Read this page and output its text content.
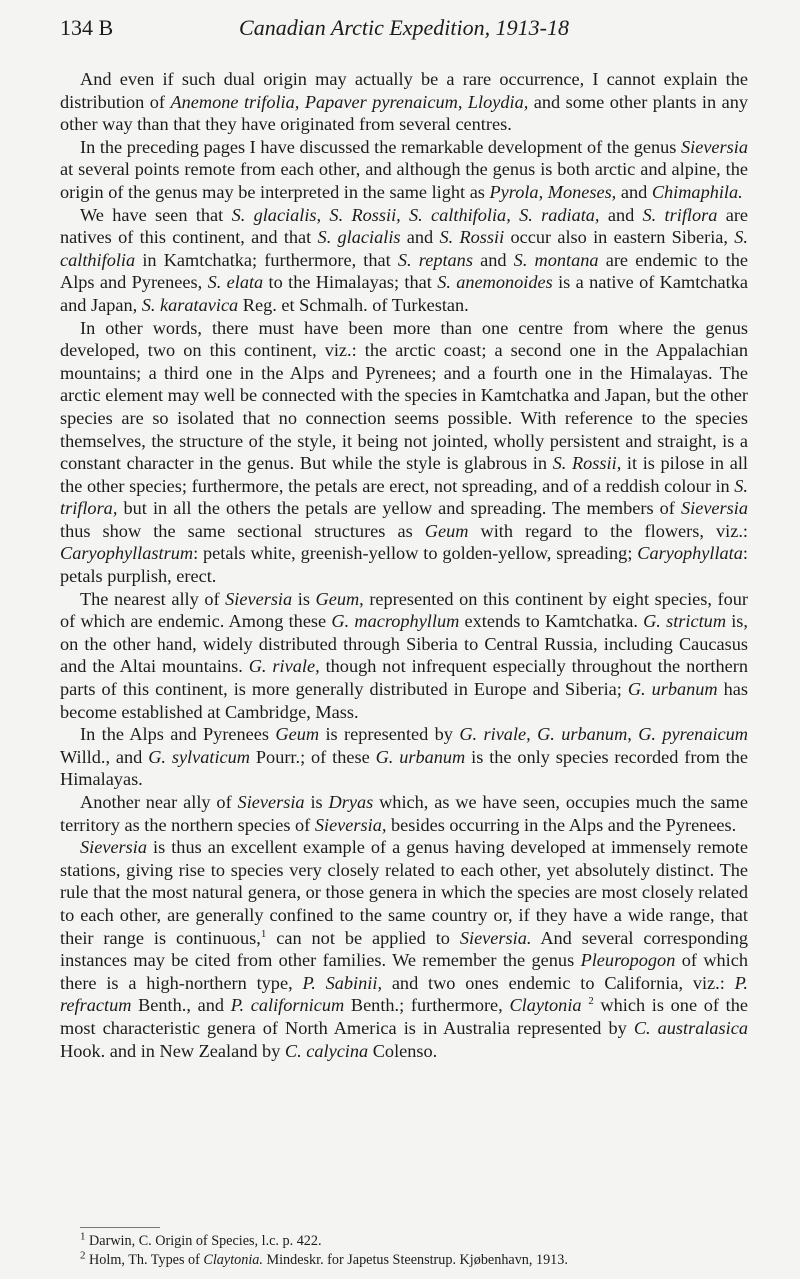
134 B	Canadian Arctic Expedition, 1913-18

And even if such dual origin may actually be a rare occurrence, I cannot explain the distribution of Anemone trifolia, Papaver pyrenaicum, Lloydia, and some other plants in any other way than that they have originated from several centres.

In the preceding pages I have discussed the remarkable development of the genus Sieversia at several points remote from each other, and although the genus is both arctic and alpine, the origin of the genus may be interpreted in the same light as Pyrola, Moneses, and Chimaphila.

We have seen that S. glacialis, S. Rossii, S. calthifolia, S. radiata, and S. triflora are natives of this continent, and that S. glacialis and S. Rossii occur also in eastern Siberia, S. calthifolia in Kamtchatka; furthermore, that S. reptans and S. montana are endemic to the Alps and Pyrenees, S. elata to the Himalayas; that S. anemonoides is a native of Kamtchatka and Japan, S. karatavica Reg. et Schmalh. of Turkestan.

In other words, there must have been more than one centre from where the genus developed, two on this continent, viz.: the arctic coast; a second one in the Appalachian mountains; a third one in the Alps and Pyrenees; and a fourth one in the Himalayas. The arctic element may well be connected with the species in Kamtchatka and Japan, but the other species are so isolated that no connection seems possible. With reference to the species themselves, the structure of the style, it being not jointed, wholly persistent and straight, is a constant character in the genus. But while the style is glabrous in S. Rossii, it is pilose in all the other species; furthermore, the petals are erect, not spreading, and of a reddish colour in S. triflora, but in all the others the petals are yellow and spreading. The members of Sieversia thus show the same sectional structures as Geum with regard to the flowers, viz.: Caryophyllastrum: petals white, greenish-yellow to golden-yellow, spreading; Caryophyllata: petals purplish, erect.

The nearest ally of Sieversia is Geum, represented on this continent by eight species, four of which are endemic. Among these G. macrophyllum extends to Kamtchatka. G. strictum is, on the other hand, widely distributed through Siberia to Central Russia, including Caucasus and the Altai mountains. G. rivale, though not infrequent especially throughout the northern parts of this continent, is more generally distributed in Europe and Siberia; G. urbanum has become established at Cambridge, Mass.

In the Alps and Pyrenees Geum is represented by G. rivale, G. urbanum, G. pyrenaicum Willd., and G. sylvaticum Pourr.; of these G. urbanum is the only species recorded from the Himalayas.

Another near ally of Sieversia is Dryas which, as we have seen, occupies much the same territory as the northern species of Sieversia, besides occurring in the Alps and the Pyrenees.

Sieversia is thus an excellent example of a genus having developed at immensely remote stations, giving rise to species very closely related to each other, yet absolutely distinct. The rule that the most natural genera, or those genera in which the species are most closely related to each other, are generally confined to the same country or, if they have a wide range, that their range is continuous,$^1$ can not be applied to Sieversia. And several corresponding instances may be cited from other families. We remember the genus Pleuropogon of which there is a high-northern type, P. Sabinii, and two ones endemic to California, viz.: P. refractum Benth., and P. californicum Benth.; furthermore, Claytonia $^2$ which is one of the most characteristic genera of North America is in Australia represented by C. australasica Hook. and in New Zealand by C. calycina Colenso.

$^1$ Darwin, C. Origin of Species, l.c. p. 422.
$^2$ Holm, Th. Types of Claytonia. Mindeskr. for Japetus Steenstrup. Kjøbenhavn, 1913.
